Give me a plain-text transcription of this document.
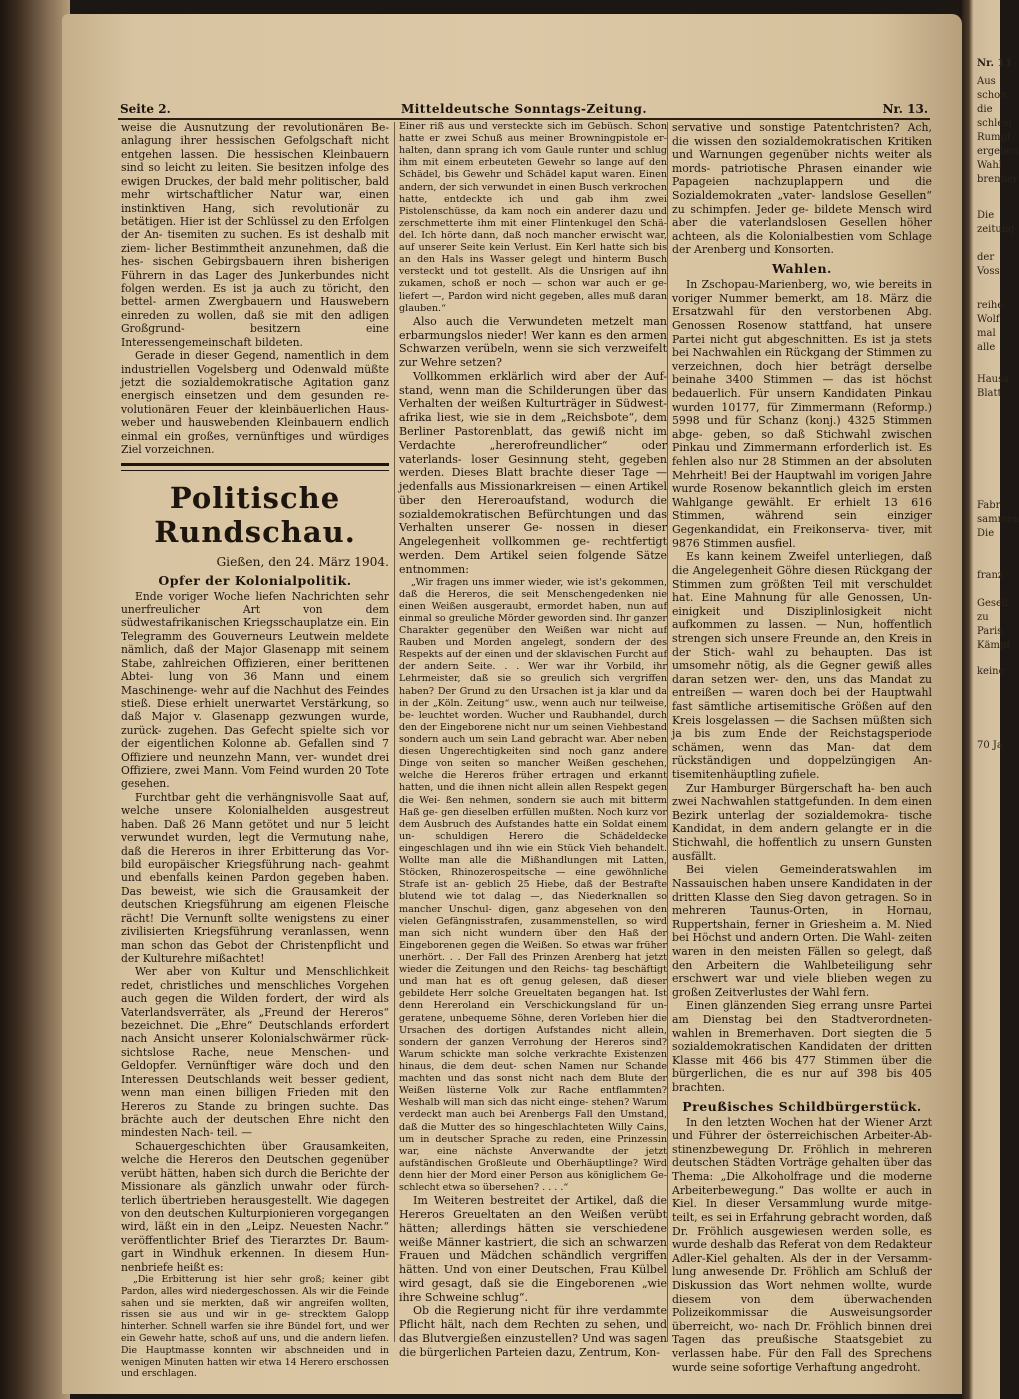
Nr. 13
Aus
schon
die
schlesi
Rumpf
ergeben
Wahl
brenner
Die
zeitung
der
Voss
reihe
Wolf
mal
alle
Hausa
Blatt
Fabr
sammen
Die
franz
Gesell
zu
Paris
Kämpf
keine
70 Ja
Seite 2.	Mitteldeutsche Sonntags-Zeitung.	Nr. 13.

weise die Ausnutzung der revolutionären Be- anlagung ihrer hessischen Gefolgschaft nicht entgehen lassen. Die hessischen Kleinbauern sind so leicht zu leiten. Sie besitzen infolge des ewigen Druckes, der bald mehr politischer, bald mehr wirtschaftlicher Natur war, einen instinktiven Hang, sich revolutionär zu betätigen. Hier ist der Schlüssel zu den Erfolgen der An- tisemiten zu suchen. Es ist deshalb mit ziem- licher Bestimmtheit anzunehmen, daß die hes- sischen Gebirgsbauern ihren bisherigen Führern in das Lager des Junkerbundes nicht folgen werden. Es ist ja auch zu töricht, den bettel- armen Zwergbauern und Hauswebern einreden zu wollen, daß sie mit den adligen Großgrund- besitzern eine Interessengemeinschaft bildeten.

Gerade in dieser Gegend, namentlich in dem industriellen Vogelsberg und Odenwald müßte jetzt die sozialdemokratische Agitation ganz energisch einsetzen und dem gesunden re- volutionären Feuer der kleinbäuerlichen Haus- weber und hauswebenden Kleinbauern endlich einmal ein großes, vernünftiges und würdiges Ziel vorzeichnen.

Politische Rundschau.
Gießen, den 24. März 1904.
Opfer der Kolonialpolitik.

Ende voriger Woche liefen Nachrichten sehr unerfreulicher Art von dem südwestafrikanischen Kriegsschauplatze ein. Ein Telegramm des Gouverneurs Leutwein meldete nämlich, daß der Major Glasenapp mit seinem Stabe, zahlreichen Offizieren, einer berittenen Abtei- lung von 36 Mann und einem Maschinenge- wehr auf die Nachhut des Feindes stieß. Diese erhielt unerwartet Verstärkung, so daß Major v. Glasenapp gezwungen wurde, zurück- zugehen. Das Gefecht spielte sich vor der eigentlichen Kolonne ab. Gefallen sind 7 Offiziere und neunzehn Mann, ver- wundet drei Offiziere, zwei Mann. Vom Feind wurden 20 Tote gesehen.

Furchtbar geht die verhängnisvolle Saat auf, welche unsere Kolonialhelden ausgestreut haben. Daß 26 Mann getötet und nur 5 leicht verwundet wurden, legt die Vermutung nahe, daß die Hereros in ihrer Erbitterung das Vor- bild europäischer Kriegsführung nach- geahmt und ebenfalls keinen Pardon gegeben haben. Das beweist, wie sich die Grausamkeit der deutschen Kriegsführung am eigenen Fleische rächt! Die Vernunft sollte wenigstens zu einer zivilisierten Kriegsführung veranlassen, wenn man schon das Gebot der Christenpflicht und der Kulturehre mißachtet!

Wer aber von Kultur und Menschlichkeit redet, christliches und menschliches Vorgehen auch gegen die Wilden fordert, der wird als Vaterlandsverräter, als „Freund der Hereros“ bezeichnet. Die „Ehre“ Deutschlands erfordert nach Ansicht unserer Kolonialschwärmer rück- sichtslose Rache, neue Menschen- und Geldopfer. Vernünftiger wäre doch und den Interessen Deutschlands weit besser gedient, wenn man einen billigen Frieden mit den Hereros zu Stande zu bringen suchte. Das brächte auch der deutschen Ehre nicht den mindesten Nach- teil. —

Schauergeschichten über Grausamkeiten, welche die Hereros den Deutschen gegenüber verübt hätten, haben sich durch die Berichte der Missionare als gänzlich unwahr oder fürch- terlich übertrieben herausgestellt. Wie dagegen von den deutschen Kulturpionieren vorgegangen wird, läßt ein in den „Leipz. Neuesten Nachr.“ veröffentlichter Brief des Tierarztes Dr. Baum- gart in Windhuk erkennen. In diesem Hun- nenbriefe heißt es:

„Die Erbitterung ist hier sehr groß; keiner gibt Pardon, alles wird niedergeschossen. Als wir die Feinde sahen und sie merkten, daß wir angreifen wollten, rissen sie aus und wir in ge- strecktem Galopp hinterher. Schnell warfen sie ihre Bündel fort, und wer ein Gewehr hatte, schoß auf uns, und die andern liefen. Die Hauptmasse konnten wir abschneiden und in wenigen Minuten hatten wir etwa 14 Herero erschossen und erschlagen.

Einer riß aus und versteckte sich im Gebüsch. Schon hatte er zwei Schuß aus meiner Browningpistole er- halten, dann sprang ich vom Gaule runter und schlug ihm mit einem erbeuteten Gewehr so lange auf den Schädel, bis Gewehr und Schädel kaput waren. Einen andern, der sich verwundet in einen Busch verkrochen hatte, entdeckte ich und gab ihm zwei Pistolenschüsse, da kam noch ein anderer dazu und zerschmetterte ihm mit einer Flintenkugel den Schä- del. Ich hörte dann, daß noch mancher erwischt war, auf unserer Seite kein Verlust. Ein Kerl hatte sich bis an den Hals ins Wasser gelegt und hinterm Busch versteckt und tot gestellt. Als die Unsrigen auf ihn zukamen, schoß er noch — schon war auch er ge- liefert —, Pardon wird nicht gegeben, alles muß daran glauben.“

Also auch die Verwundeten metzelt man erbarmungslos nieder! Wer kann es den armen Schwarzen verübeln, wenn sie sich verzweifelt zur Wehre setzen?

Vollkommen erklärlich wird aber der Auf- stand, wenn man die Schilderungen über das Verhalten der weißen Kulturträger in Südwest- afrika liest, wie sie in dem „Reichsbote“, dem Berliner Pastorenblatt, das gewiß nicht im Verdachte „hererofreundlicher“ oder vaterlands- loser Gesinnung steht, gegeben werden. Dieses Blatt brachte dieser Tage — jedenfalls aus Missionarkreisen — einen Artikel über den Hereroaufstand, wodurch die sozialdemokratischen Befürchtungen und das Verhalten unserer Ge- nossen in dieser Angelegenheit vollkommen ge- rechtfertigt werden. Dem Artikel seien folgende Sätze entnommen:

„Wir fragen uns immer wieder, wie ist's gekommen, daß die Hereros, die seit Menschengedenken nie einen Weißen ausgeraubt, ermordet haben, nun auf einmal so greuliche Mörder geworden sind. Ihr ganzer Charakter gegenüber den Weißen war nicht auf Rauben und Morden angelegt, sondern der des Respekts auf der einen und der sklavischen Furcht auf der andern Seite. . . Wer war ihr Vorbild, ihr Lehrmeister, daß sie so greulich sich vergriffen haben? Der Grund zu den Ursachen ist ja klar und da in der „Köln. Zeitung“ usw., wenn auch nur teilweise, be- leuchtet worden. Wucher und Raubhandel, durch den der Eingeborene nicht nur um seinen Viehbestand sondern auch um sein Land gebracht war. Aber neben diesen Ungerechtigkeiten sind noch ganz andere Dinge von seiten so mancher Weißen geschehen, welche die Hereros früher ertragen und erkannt hatten, und die ihnen nicht allein allen Respekt gegen die Wei- ßen nehmen, sondern sie auch mit bitterm Haß ge- gen dieselben erfüllen mußten. Noch kurz vor dem Ausbruch des Aufstandes hatte ein Soldat einem un- schuldigen Herero die Schädeldecke eingeschlagen und ihn wie ein Stück Vieh behandelt. Wollte man alle die Mißhandlungen mit Latten, Stöcken, Rhinozerospeitsche — eine gewöhnliche Strafe ist an- geblich 25 Hiebe, daß der Bestrafte blutend wie tot dalag —, das Niederknallen so mancher Unschul- digen, ganz abgesehen von den vielen Gefängnisstrafen, zusammenstellen, so wird man sich nicht wundern über den Haß der Eingeborenen gegen die Weißen. So etwas war früher unerhört. . . Der Fall des Prinzen Arenberg hat jetzt wieder die Zeitungen und den Reichs- tag beschäftigt und man hat es oft genug gelesen, daß dieser gebildete Herr solche Greueltaten begangen hat. Ist denn Hereroland ein Verschickungsland für un- geratene, unbequeme Söhne, deren Vorleben hier die Ursachen des dortigen Aufstandes nicht allein, sondern der ganzen Verrohung der Hereros sind? Warum schickte man solche verkrachte Existenzen hinaus, die dem deut- schen Namen nur Schande machten und das sonst nicht nach dem Blute der Weißen lüsterne Volk zur Rache entflammten? Weshalb will man sich das nicht einge- stehen? Warum verdeckt man auch bei Arenbergs Fall den Umstand, daß die Mutter des so hingeschlachteten Willy Cains, um in deutscher Sprache zu reden, eine Prinzessin war, eine nächste Anverwandte der jetzt aufständischen Großleute und Oberhäuptlinge? Wird denn hier der Mord einer Person aus königlichem Ge- schlecht etwa so übersehen? . . . .“

Im Weiteren bestreitet der Artikel, daß die Hereros Greueltaten an den Weißen verübt hätten; allerdings hätten sie verschiedene weiße Männer kastriert, die sich an schwarzen Frauen und Mädchen schändlich vergriffen hätten. Und von einer Deutschen, Frau Külbel wird gesagt, daß sie die Eingeborenen „wie ihre Schweine schlug“.

Ob die Regierung nicht für ihre verdammte Pflicht hält, nach dem Rechten zu sehen, und das Blutvergießen einzustellen? Und was sagen die bürgerlichen Parteien dazu, Zentrum, Kon-

servative und sonstige Patentchristen? Ach, die wissen den sozialdemokratischen Kritiken und Warnungen gegenüber nichts weiter als mords- patriotische Phrasen einander wie Papageien nachzuplappern und die Sozialdemokraten „vater- landslose Gesellen“ zu schimpfen. Jeder ge- bildete Mensch wird aber die vaterlandslosen Gesellen höher achteen, als die Kolonialbestien vom Schlage der Arenberg und Konsorten.

Wahlen.

In Zschopau-Marienberg, wo, wie bereits in voriger Nummer bemerkt, am 18. März die Ersatzwahl für den verstorbenen Abg. Genossen Rosenow stattfand, hat unsere Partei nicht gut abgeschnitten. Es ist ja stets bei Nachwahlen ein Rückgang der Stimmen zu verzeichnen, doch hier beträgt derselbe beinahe 3400 Stimmen — das ist höchst bedauerlich. Für unsern Kandidaten Pinkau wurden 10177, für Zimmermann (Reformp.) 5998 und für Schanz (konj.) 4325 Stimmen abge- geben, so daß Stichwahl zwischen Pinkau und Zimmermann erforderlich ist. Es fehlen also nur 28 Stimmen an der absoluten Mehrheit! Bei der Hauptwahl im vorigen Jahre wurde Rosenow bekanntlich gleich im ersten Wahlgange gewählt. Er erhielt 13 616 Stimmen, während sein einziger Gegenkandidat, ein Freikonserva- tiver, mit 9876 Stimmen ausfiel.

Es kann keinem Zweifel unterliegen, daß die Angelegenheit Göhre diesen Rückgang der Stimmen zum größten Teil mit verschuldet hat. Eine Mahnung für alle Genossen, Un- einigkeit und Disziplinlosigkeit nicht aufkommen zu lassen. — Nun, hoffentlich strengen sich unsere Freunde an, den Kreis in der Stich- wahl zu behaupten. Das ist umsomehr nötig, als die Gegner gewiß alles daran setzen wer- den, uns das Mandat zu entreißen — waren doch bei der Hauptwahl fast sämtliche artisemitische Größen auf den Kreis losgelassen — die Sachsen müßten sich ja bis zum Ende der Reichstagsperiode schämen, wenn das Man- dat dem rückständigen und doppelzüngigen An- tisemitenhäuptling zufiele.

Zur Hamburger Bürgerschaft ha- ben auch zwei Nachwahlen stattgefunden. In dem einen Bezirk unterlag der sozialdemokra- tische Kandidat, in dem andern gelangte er in die Stichwahl, die hoffentlich zu unsern Gunsten ausfällt.

Bei vielen Gemeinderatswahlen im Nassauischen haben unsere Kandidaten in der dritten Klasse den Sieg davon getragen. So in mehreren Taunus-Orten, in Hornau, Ruppertshain, ferner in Griesheim a. M. Nied bei Höchst und andern Orten. Die Wahl- zeiten waren in den meisten Fällen so gelegt, daß den Arbeitern die Wahlbeteiligung sehr erschwert war und viele blieben wegen zu großen Zeitverlustes der Wahl fern.

Einen glänzenden Sieg errang unsre Partei am Dienstag bei den Stadtverordneten- wahlen in Bremerhaven. Dort siegten die 5 sozialdemokratischen Kandidaten der dritten Klasse mit 466 bis 477 Stimmen über die bürgerlichen, die es nur auf 398 bis 405 brachten.

Preußisches Schildbürgerstück.

In den letzten Wochen hat der Wiener Arzt und Führer der österreichischen Arbeiter-Ab- stinenzbewegung Dr. Fröhlich in mehreren deutschen Städten Vorträge gehalten über das Thema: „Die Alkoholfrage und die moderne Arbeiterbewegung.“ Das wollte er auch in Kiel. In dieser Versammlung wurde mitge- teilt, es sei in Erfahrung gebracht worden, daß Dr. Fröhlich ausgewiesen werden solle, es wurde deshalb das Referat von dem Redakteur Adler-Kiel gehalten. Als der in der Versamm- lung anwesende Dr. Fröhlich am Schluß der Diskussion das Wort nehmen wollte, wurde diesem von dem überwachenden Polizeikommissar die Ausweisungsorder überreicht, wo- nach Dr. Fröhlich binnen drei Tagen das preußische Staatsgebiet zu verlassen habe. Für den Fall des Sprechens wurde seine sofortige Verhaftung angedroht.
